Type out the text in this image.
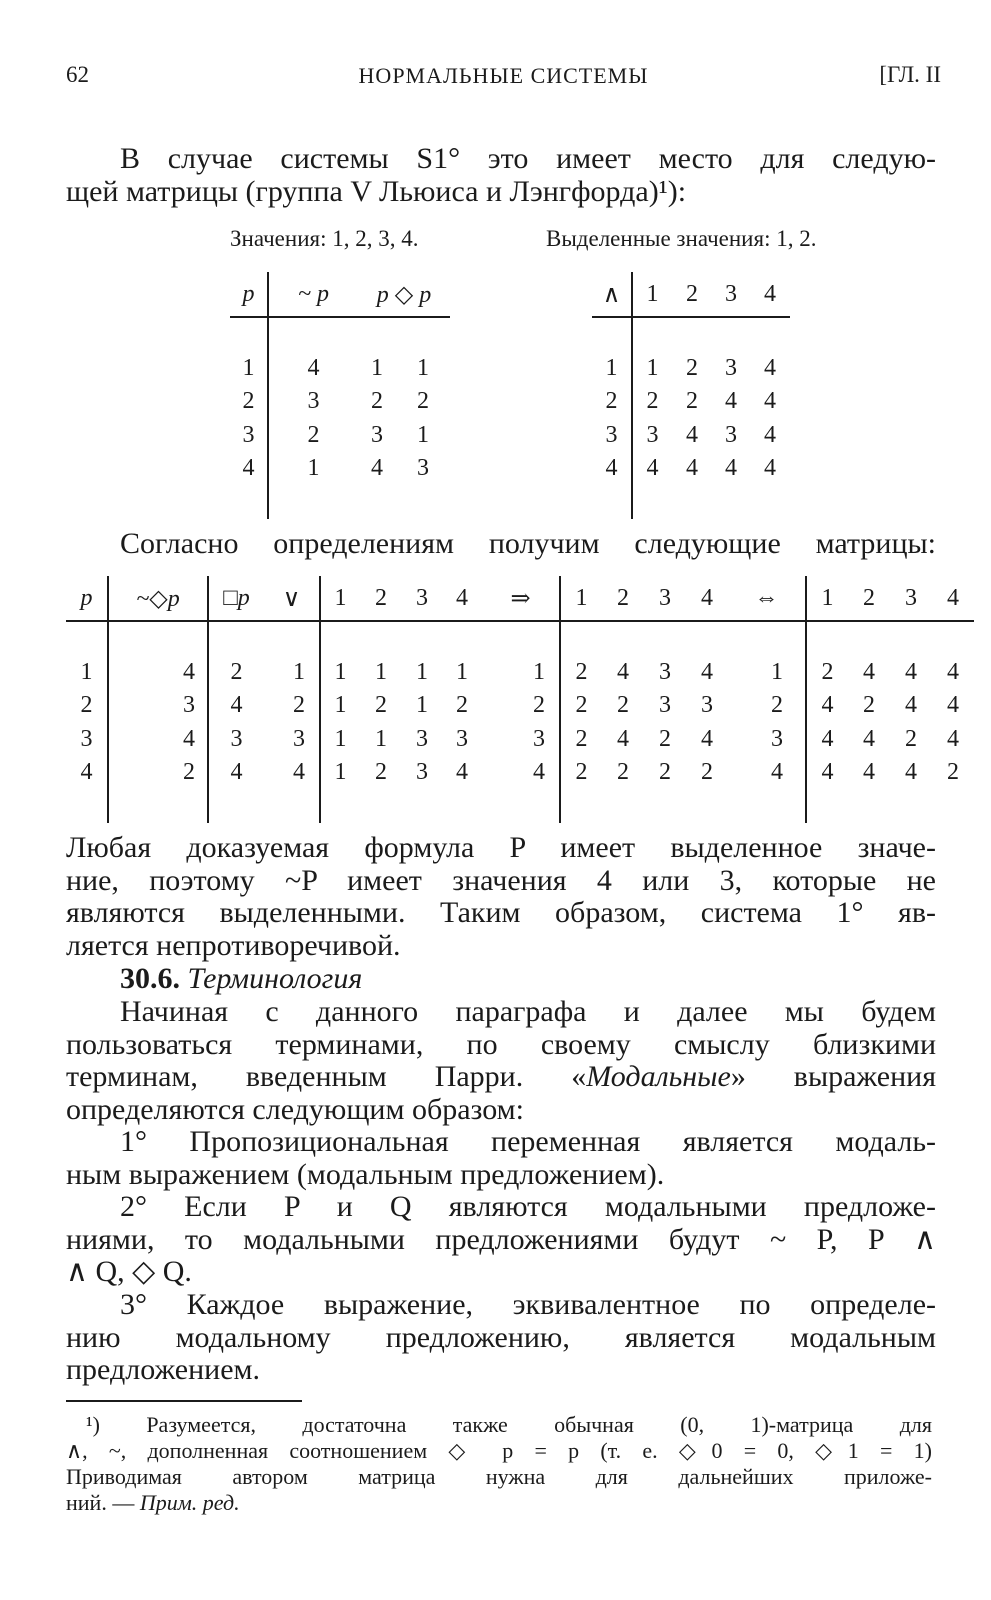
62	НОРМАЛЬНЫЕ СИСТЕМЫ	[ГЛ. II
В случае системы S1° это имеет место для следую-
щей матрицы (группа V Льюиса и Лэнгфорда)¹):
Значения: 1, 2, 3, 4.	Выделенные значения: 1, 2.
p	~ p	p ◇ p	

1	4	1	1
2	3	2	2
3	2	3	1
4	1	4	3

∧	1	2	3	4

1	1	2	3	4
2	2	2	4	4
3	3	4	3	4
4	4	4	4	4

Согласно определениям получим следующие матрицы:
p	~◇p	□p	∨	1	2	3	4	⇒	1	2	3	4	⇔	1	2	3	4

1	4	2	1	1	1	1	1	1	2	4	3	4	1	2	4	4	4
2	3	4	2	1	2	1	2	2	2	2	3	3	2	4	2	4	4
3	4	3	3	1	1	3	3	3	2	4	2	4	3	4	4	2	4
4	2	4	4	1	2	3	4	4	2	2	2	2	4	4	4	4	2

Любая доказуемая формула P имеет выделенное значе-
ние, поэтому ~P имеет значения 4 или 3, которые не
являются выделенными. Таким образом, система 1° яв-
ляется непротиворечивой.
30.6. Терминология
Начиная с данного параграфа и далее мы будем
пользоваться терминами, по своему смыслу близкими
терминам, введенным Парри. «Модальные» выражения
определяются следующим образом:
1° Пропозициональная переменная является модаль-
ным выражением (модальным предложением).
2° Если P и Q являются модальными предложе-
ниями, то модальными предложениями будут ~ P, P ∧
∧ Q, ◇ Q.
3° Каждое выражение, эквивалентное по определе-
нию модальному предложению, является модальным
предложением.
¹) Разумеется, достаточна также обычная (0, 1)-матрица для
∧, ~, дополненная соотношением ◇ p = p (т. е. ◇0 = 0, ◇1 = 1)
Приводимая автором матрица нужна для дальнейших приложе-
ний. — Прим. ред.
